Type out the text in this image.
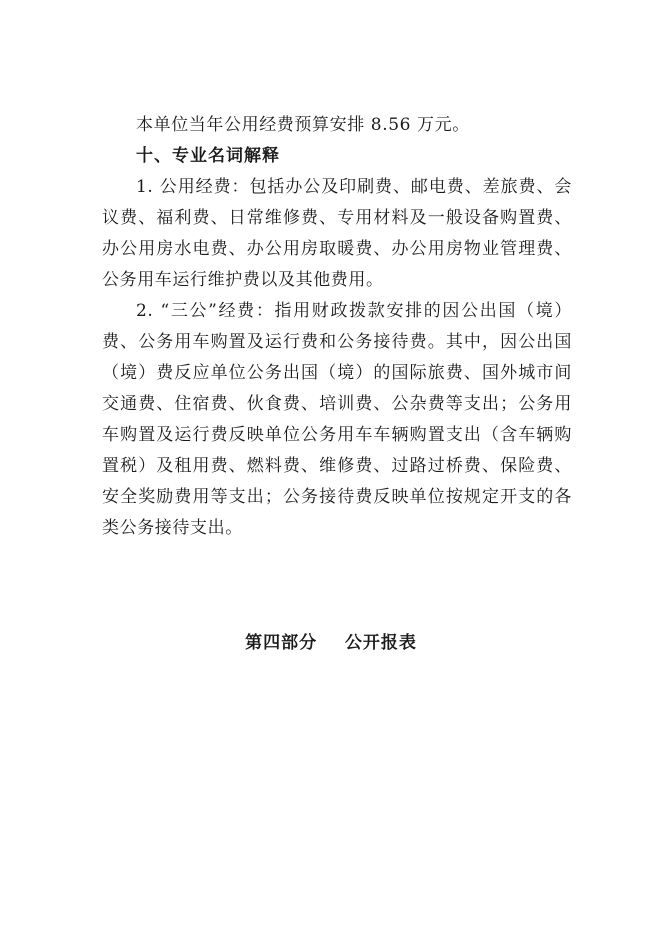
本单位当年公用经费预算安排 8.56 万元。

十、专业名词解释

1. 公用经费：包括办公及印刷费、邮电费、差旅费、会议费、福利费、日常维修费、专用材料及一般设备购置费、办公用房水电费、办公用房取暖费、办公用房物业管理费、公务用车运行维护费以及其他费用。

2. “三公”经费：指用财政拨款安排的因公出国（境）费、公务用车购置及运行费和公务接待费。其中，因公出国（境）费反应单位公务出国（境）的国际旅费、国外城市间交通费、住宿费、伙食费、培训费、公杂费等支出；公务用车购置及运行费反映单位公务用车车辆购置支出（含车辆购置税）及租用费、燃料费、维修费、过路过桥费、保险费、安全奖励费用等支出；公务接待费反映单位按规定开支的各类公务接待支出。

第四部分    公开报表
